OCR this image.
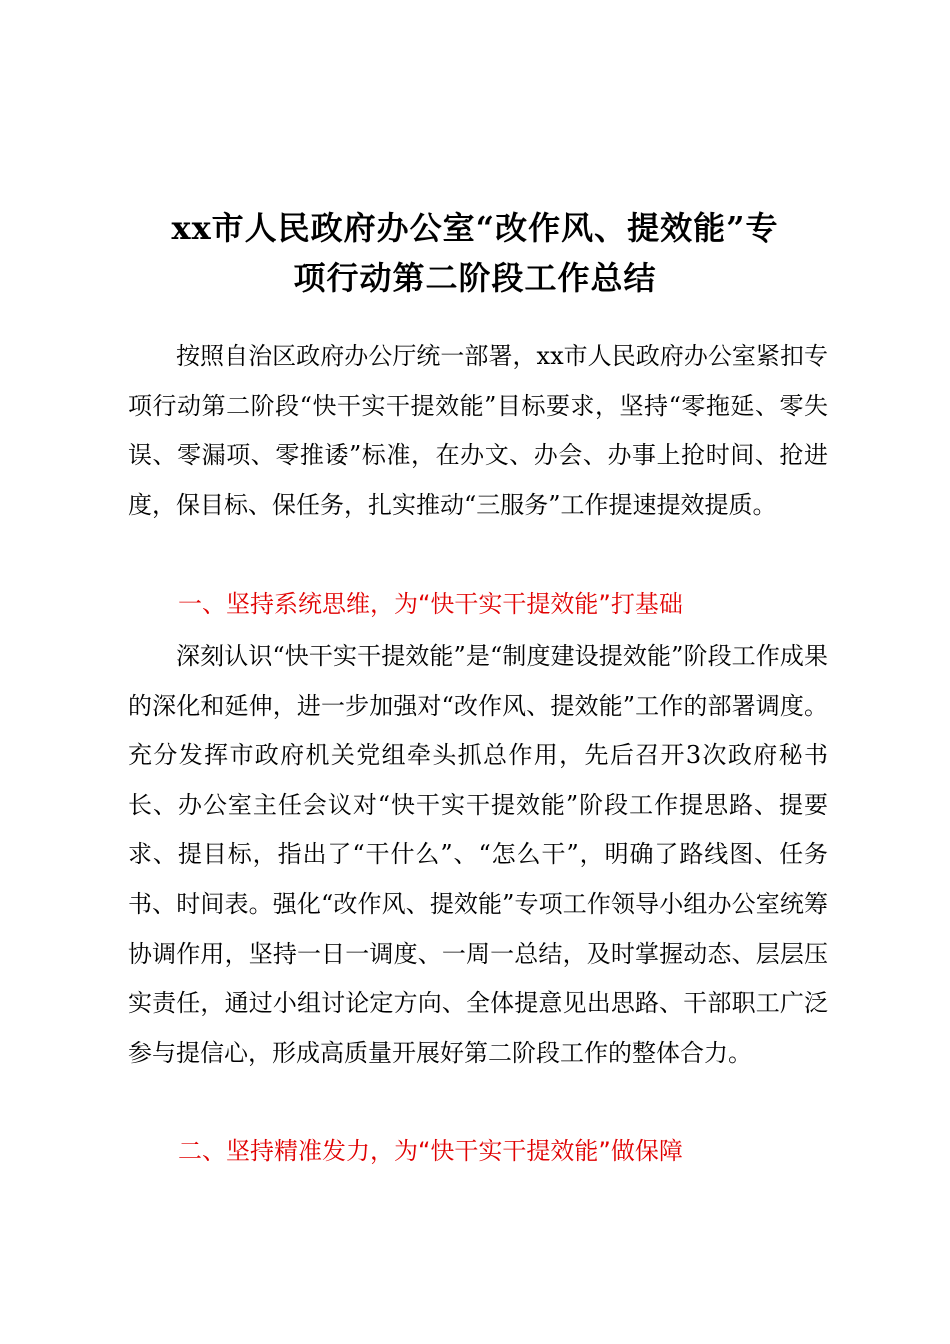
xx市人民政府办公室“改作风、提效能”专
项行动第二阶段工作总结

按照自治区政府办公厅统一部署，xx市人民政府办公室紧扣专项行动第二阶段“快干实干提效能”目标要求，坚持“零拖延、零失误、零漏项、零推诿”标准，在办文、办会、办事上抢时间、抢进度，保目标、保任务，扎实推动“三服务”工作提速提效提质。

一、坚持系统思维，为“快干实干提效能”打基础

深刻认识“快干实干提效能”是“制度建设提效能”阶段工作成果的深化和延伸，进一步加强对“改作风、提效能”工作的部署调度。充分发挥市政府机关党组牵头抓总作用，先后召开3次政府秘书长、办公室主任会议对“快干实干提效能”阶段工作提思路、提要求、提目标，指出了“干什么”、“怎么干”，明确了路线图、任务书、时间表。强化“改作风、提效能”专项工作领导小组办公室统筹协调作用，坚持一日一调度、一周一总结，及时掌握动态、层层压实责任，通过小组讨论定方向、全体提意见出思路、干部职工广泛参与提信心，形成高质量开展好第二阶段工作的整体合力。

二、坚持精准发力，为“快干实干提效能”做保障
